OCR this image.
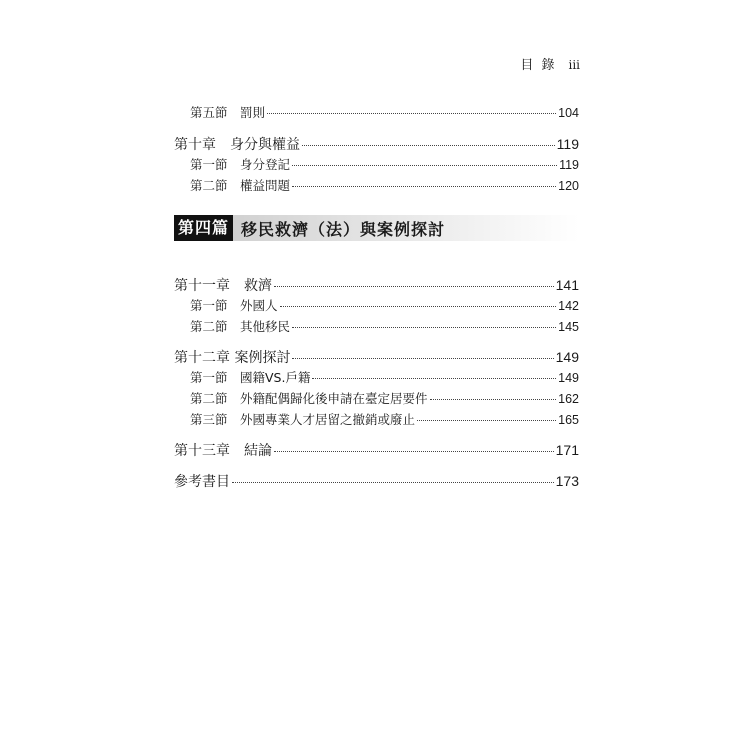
目 錄 iii
第五節　罰則	104
第十章　身分與權益	119
第一節　身分登記	119
第二節　權益問題	120
第四篇 移民救濟（法）與案例探討
第十一章　救濟	141
第一節　外國人	142
第二節　其他移民	145
第十二章 案例探討	149
第一節　國籍VS.戶籍	149
第二節　外籍配偶歸化後申請在臺定居要件	162
第三節　外國專業人才居留之撤銷或廢止	165
第十三章　結論	171
參考書目	173
